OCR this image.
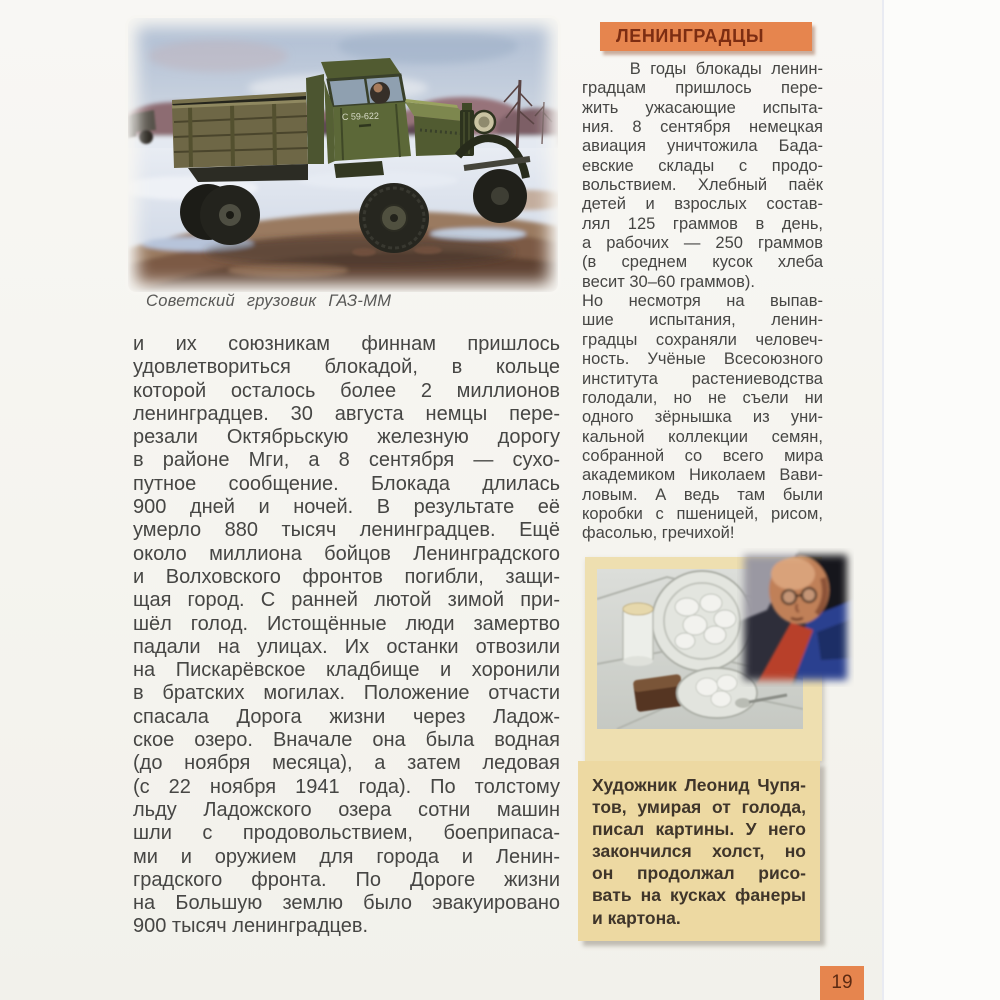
С 59-622
Советский грузовик ГАЗ-ММ
и их союзникам финнам пришлось
удовлетвориться блокадой, в кольце
которой осталось более 2 миллионов
ленинградцев. 30 августа немцы пере-
резали Октябрьскую железную дорогу
в районе Мги, а 8 сентября — сухо-
путное сообщение. Блокада длилась
900 дней и ночей. В результате её
умерло 880 тысяч ленинградцев. Ещё
около миллиона бойцов Ленинградского
и Волховского фронтов погибли, защи-
щая город. С ранней лютой зимой при-
шёл голод. Истощённые люди замертво
падали на улицах. Их останки отвозили
на Пискарёвское кладбище и хоронили
в братских могилах. Положение отчасти
спасала Дорога жизни через Ладож-
ское озеро. Вначале она была водная
(до ноября месяца), а затем ледовая
(с 22 ноября 1941 года). По толстому
льду Ладожского озера сотни машин
шли с продовольствием, боеприпаса-
ми и оружием для города и Ленин-
градского фронта. По Дороге жизни
на Большую землю было эвакуировано
900 тысяч ленинградцев.
ЛЕНИНГРАДЦЫ
В годы блокады ленин-
градцам пришлось пере-
жить ужасающие испыта-
ния. 8 сентября немецкая
авиация уничтожила Бада-
евские склады с продо-
вольствием. Хлебный паёк
детей и взрослых состав-
лял 125 граммов в день,
а рабочих — 250 граммов
(в среднем кусок хлеба
весит 30–60 граммов).
Но несмотря на выпав-
шие испытания, ленин-
градцы сохраняли человеч-
ность. Учёные Всесоюзного
института растениеводства
голодали, но не съели ни
одного зёрнышка из уни-
кальной коллекции семян,
собранной со всего мира
академиком Николаем Вави-
ловым. А ведь там были
коробки с пшеницей, рисом,
фасолью, гречихой!
Художник Леонид Чупя-
тов, умирая от голода,
писал картины. У него
закончился холст, но
он продолжал рисо-
вать на кусках фанеры
и картона.
19
